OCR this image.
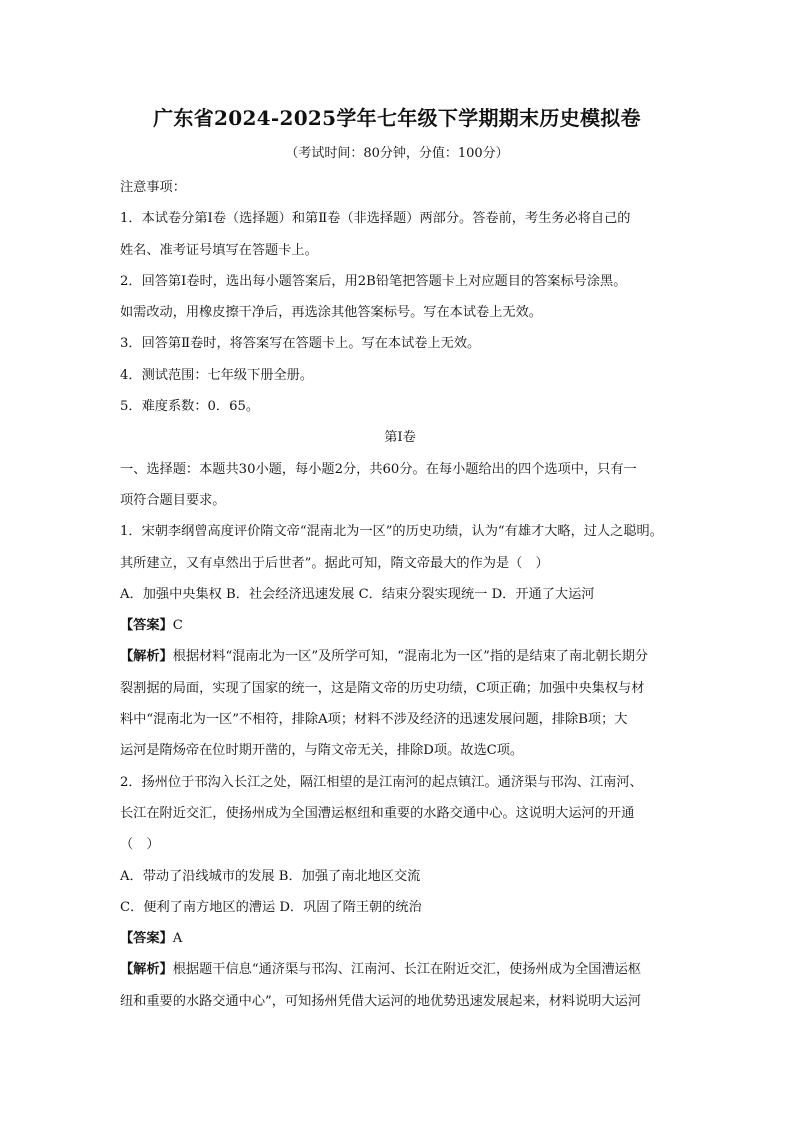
广东省2024-2025学年七年级下学期期末历史模拟卷
（考试时间：80分钟，分值：100分）
注意事项：
1．本试卷分第Ⅰ卷（选择题）和第Ⅱ卷（非选择题）两部分。答卷前，考生务必将自己的
姓名、准考证号填写在答题卡上。
2．回答第Ⅰ卷时，选出每小题答案后，用2B铅笔把答题卡上对应题目的答案标号涂黑。
如需改动，用橡皮擦干净后，再选涂其他答案标号。写在本试卷上无效。
3．回答第Ⅱ卷时，将答案写在答题卡上。写在本试卷上无效。
4．测试范围：七年级下册全册。
5．难度系数：0．65。
第Ⅰ卷
一、选择题：本题共30小题，每小题2分，共60分。在每小题给出的四个选项中，只有一
项符合题目要求。
1．宋朝李纲曾高度评价隋文帝“混南北为一区”的历史功绩，认为“有雄才大略，过人之聪明。
其所建立，又有卓然出于后世者”。据此可知，隋文帝最大的作为是（　）
A．加强中央集权 B．社会经济迅速发展 C．结束分裂实现统一 D．开通了大运河
【答案】C
【解析】根据材料“混南北为一区”及所学可知，“混南北为一区”指的是结束了南北朝长期分
裂割据的局面，实现了国家的统一，这是隋文帝的历史功绩，C项正确；加强中央集权与材
料中“混南北为一区”不相符，排除A项；材料不涉及经济的迅速发展问题，排除B项；大
运河是隋炀帝在位时期开凿的，与隋文帝无关，排除D项。故选C项。
2．扬州位于邗沟入长江之处，隔江相望的是江南河的起点镇江。通济渠与邗沟、江南河、
长江在附近交汇，使扬州成为全国漕运枢纽和重要的水路交通中心。这说明大运河的开通
（　）
A．带动了沿线城市的发展 B．加强了南北地区交流
C．便利了南方地区的漕运 D．巩固了隋王朝的统治
【答案】A
【解析】根据题干信息“通济渠与邗沟、江南河、长江在附近交汇，使扬州成为全国漕运枢
纽和重要的水路交通中心”，可知扬州凭借大运河的地优势迅速发展起来，材料说明大运河
